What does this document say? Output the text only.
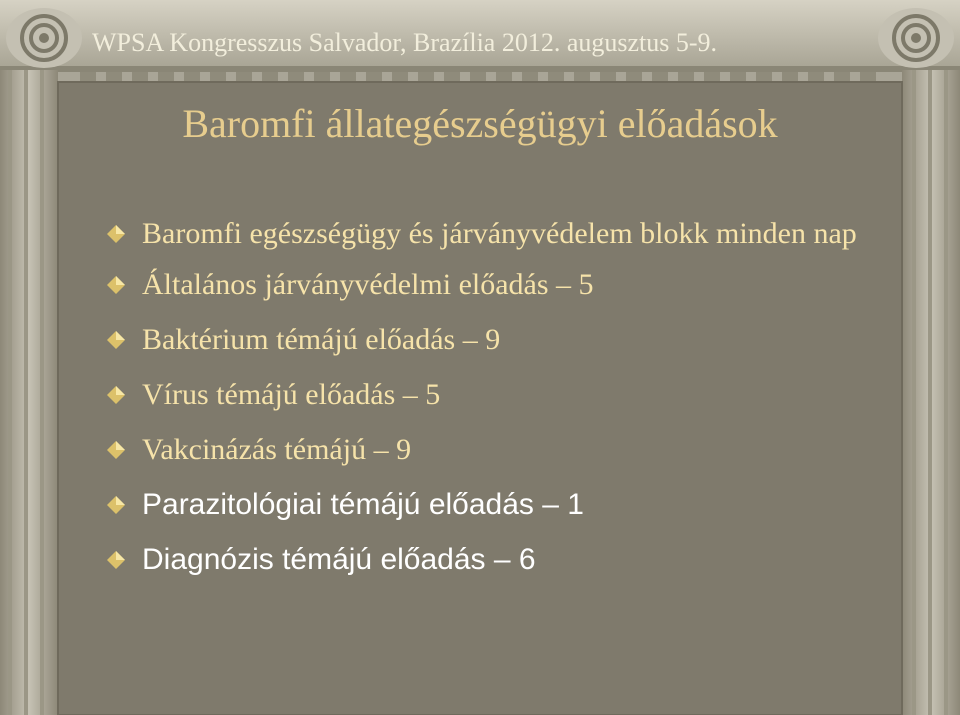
WPSA Kongresszus Salvador, Brazília 2012. augusztus 5-9.
Baromfi állategészségügyi előadások
Baromfi egészségügy és járványvédelem blokk minden nap
Általános járványvédelmi előadás – 5
Baktérium témájú előadás – 9
Vírus témájú előadás – 5
Vakcinázás témájú – 9
Parazitológiai témájú előadás – 1
Diagnózis témájú előadás – 6
